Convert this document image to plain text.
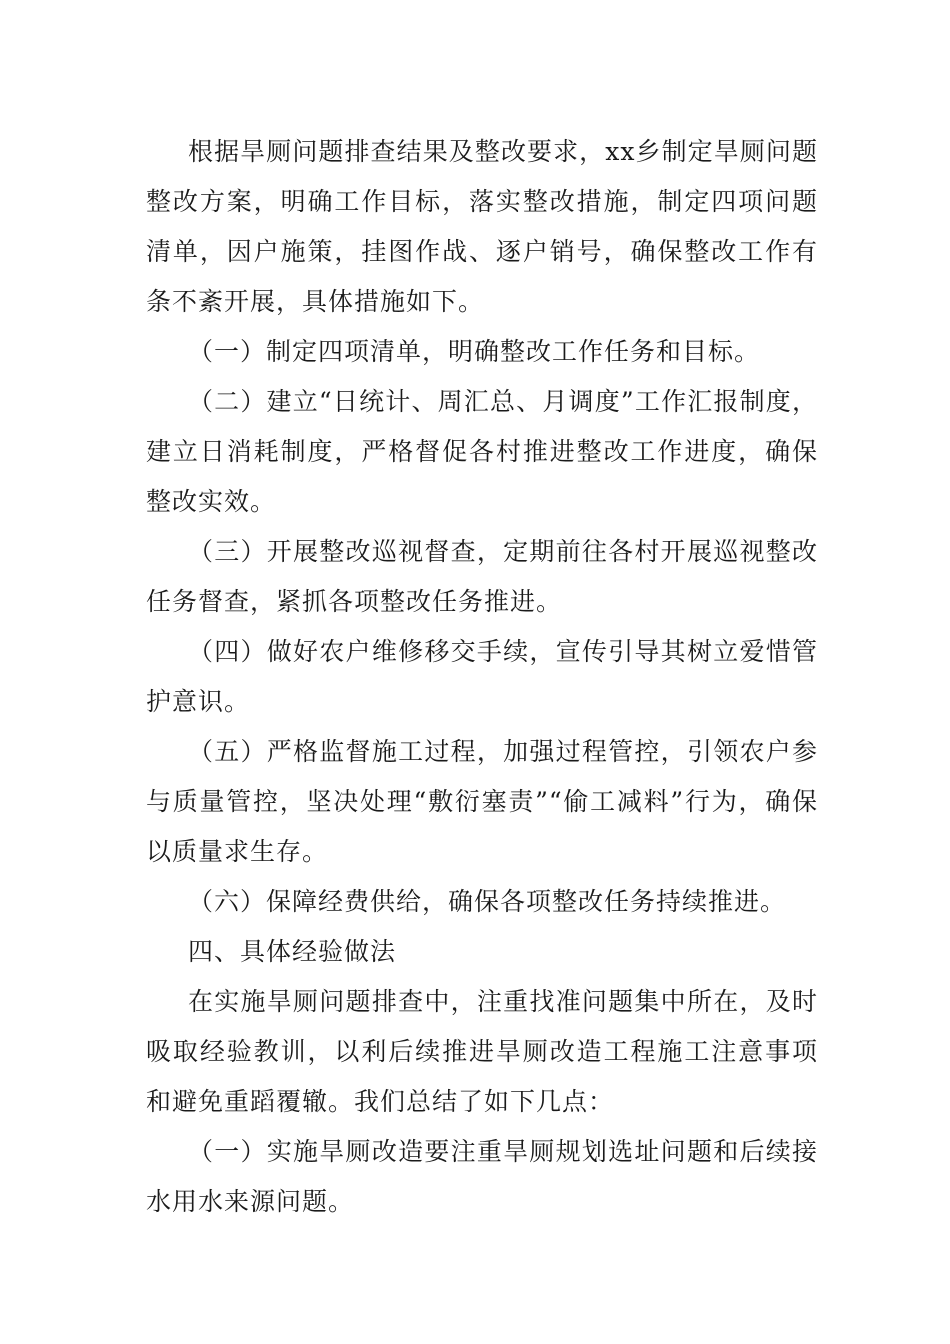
根据旱厕问题排查结果及整改要求，xx乡制定旱厕问题整改方案，明确工作目标，落实整改措施，制定四项问题清单，因户施策，挂图作战、逐户销号，确保整改工作有条不紊开展，具体措施如下。

（一）制定四项清单，明确整改工作任务和目标。

（二）建立“日统计、周汇总、月调度”工作汇报制度，建立日消耗制度，严格督促各村推进整改工作进度，确保整改实效。

（三）开展整改巡视督查，定期前往各村开展巡视整改任务督查，紧抓各项整改任务推进。

（四）做好农户维修移交手续，宣传引导其树立爱惜管护意识。

（五）严格监督施工过程，加强过程管控，引领农户参与质量管控，坚决处理“敷衍塞责”“偷工减料”行为，确保以质量求生存。

（六）保障经费供给，确保各项整改任务持续推进。

四、具体经验做法

在实施旱厕问题排查中，注重找准问题集中所在，及时吸取经验教训，以利后续推进旱厕改造工程施工注意事项和避免重蹈覆辙。我们总结了如下几点：

（一）实施旱厕改造要注重旱厕规划选址问题和后续接水用水来源问题。
